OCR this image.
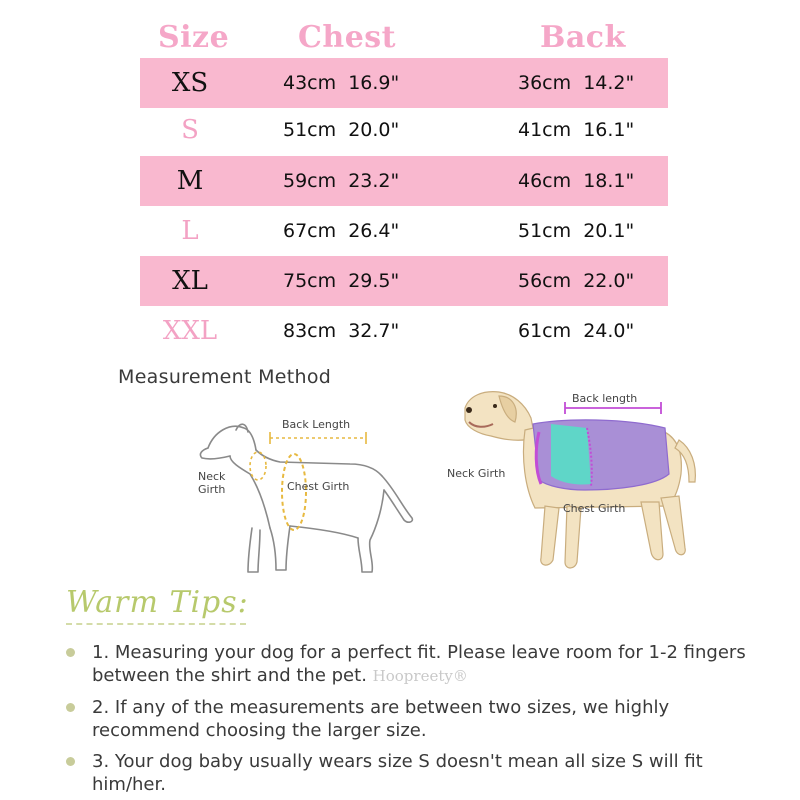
Size Chest	Back
XS	43cm  16.9"	36cm  14.2"
S	51cm  20.0"	41cm  16.1"
M	59cm  23.2"	46cm  18.1"
L	67cm  26.4"	51cm  20.1"
XL	75cm  29.5"	56cm  22.0"
XXL	83cm  32.7"	61cm  24.0"
Measurement Method
Back Length
Neck
Girth	Chest Girth
Back length
Neck Girth
Chest Girth
Warm Tips:
1. Measuring your dog for a perfect fit. Please leave room for 1-2 fingers between the shirt and the pet. Hoopreety®
2. If any of the measurements are between two sizes, we highly recommend choosing the larger size.
3. Your dog baby usually wears size S doesn't mean all size S will fit him/her.
